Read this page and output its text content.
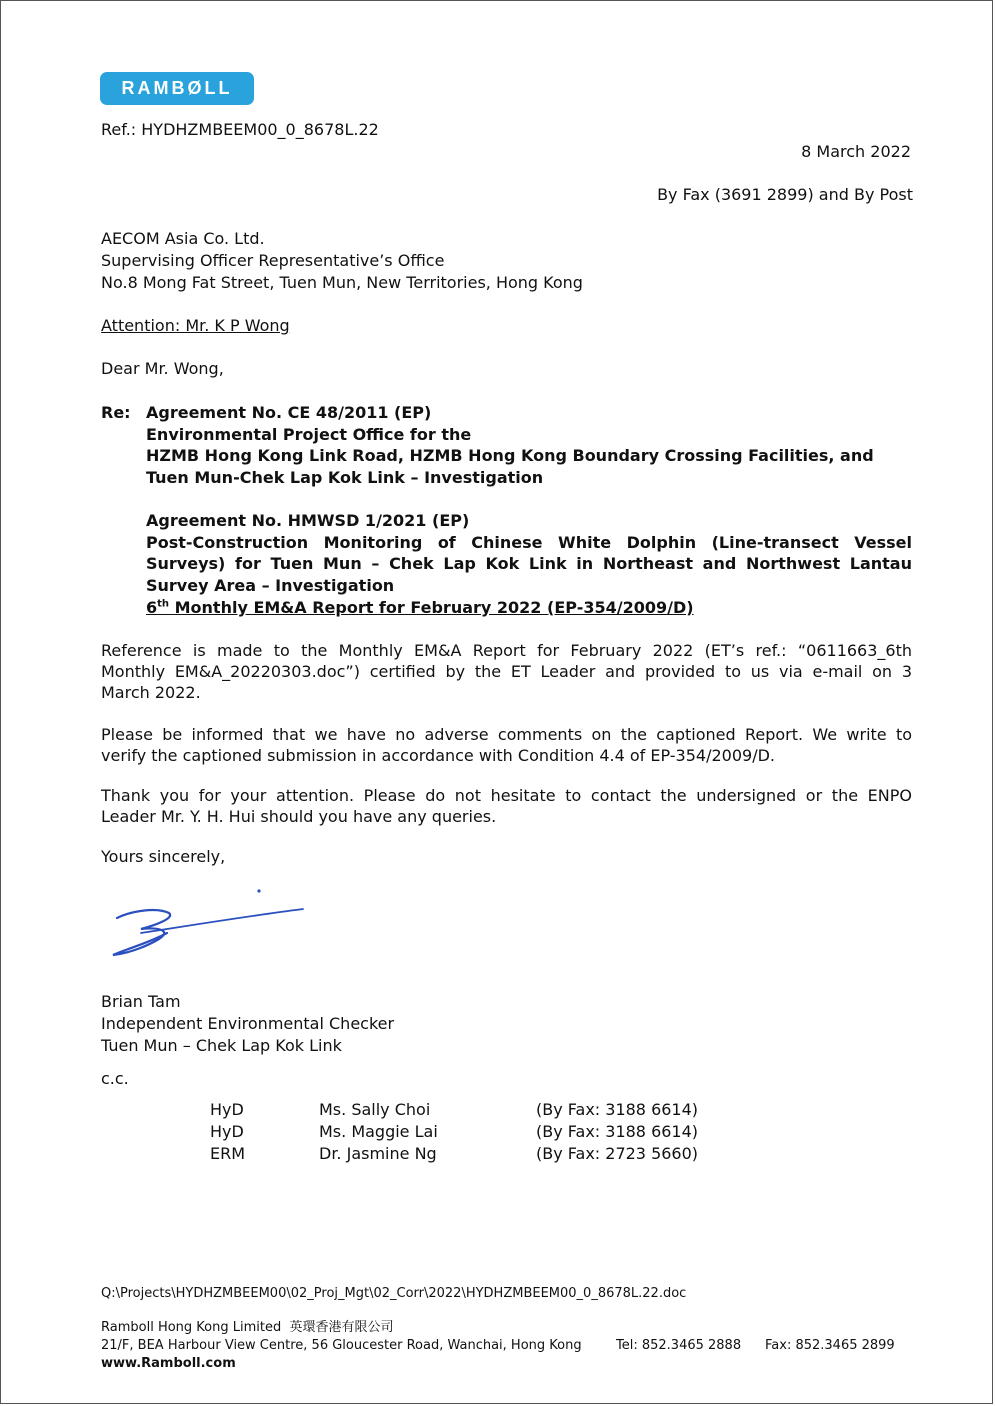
RAMBØLL
Ref.: HYDHZMBEEM00_0_8678L.22
8 March 2022
By Fax (3691 2899) and By Post
AECOM Asia Co. Ltd.
Supervising Officer Representative’s Office
No.8 Mong Fat Street, Tuen Mun, New Territories, Hong Kong
Attention: Mr. K P Wong
Dear Mr. Wong,
Re: Agreement No. CE 48/2011 (EP)
Environmental Project Office for the
HZMB Hong Kong Link Road, HZMB Hong Kong Boundary Crossing Facilities, and
Tuen Mun-Chek Lap Kok Link – Investigation
Agreement No. HMWSD 1/2021 (EP)
Post-Construction Monitoring of Chinese White Dolphin (Line-transect Vessel
Surveys) for Tuen Mun – Chek Lap Kok Link in Northeast and Northwest Lantau
Survey Area – Investigation
6th Monthly EM&A Report for February 2022 (EP-354/2009/D)
Reference is made to the Monthly EM&A Report for February 2022 (ET’s ref.: “0611663_6th
Monthly EM&A_20220303.doc”) certified by the ET Leader and provided to us via e-mail on 3
March 2022.
Please be informed that we have no adverse comments on the captioned Report. We write to
verify the captioned submission in accordance with Condition 4.4 of EP-354/2009/D.
Thank you for your attention. Please do not hesitate to contact the undersigned or the ENPO
Leader Mr. Y. H. Hui should you have any queries.
Yours sincerely,
Brian Tam
Independent Environmental Checker
Tuen Mun – Chek Lap Kok Link
c.c.
HyD	Ms. Sally Choi	(By Fax: 3188 6614)
HyD	Ms. Maggie Lai	(By Fax: 3188 6614)
ERM	Dr. Jasmine Ng	(By Fax: 2723 5660)
Q:\Projects\HYDHZMBEEM00\02_Proj_Mgt\02_Corr\2022\HYDHZMBEEM00_0_8678L.22.doc
Ramboll Hong Kong Limited 英環香港有限公司
21/F, BEA Harbour View Centre, 56 Gloucester Road, Wanchai, Hong Kong	Tel: 852.3465 2888 Fax: 852.3465 2899
www.Ramboll.com
